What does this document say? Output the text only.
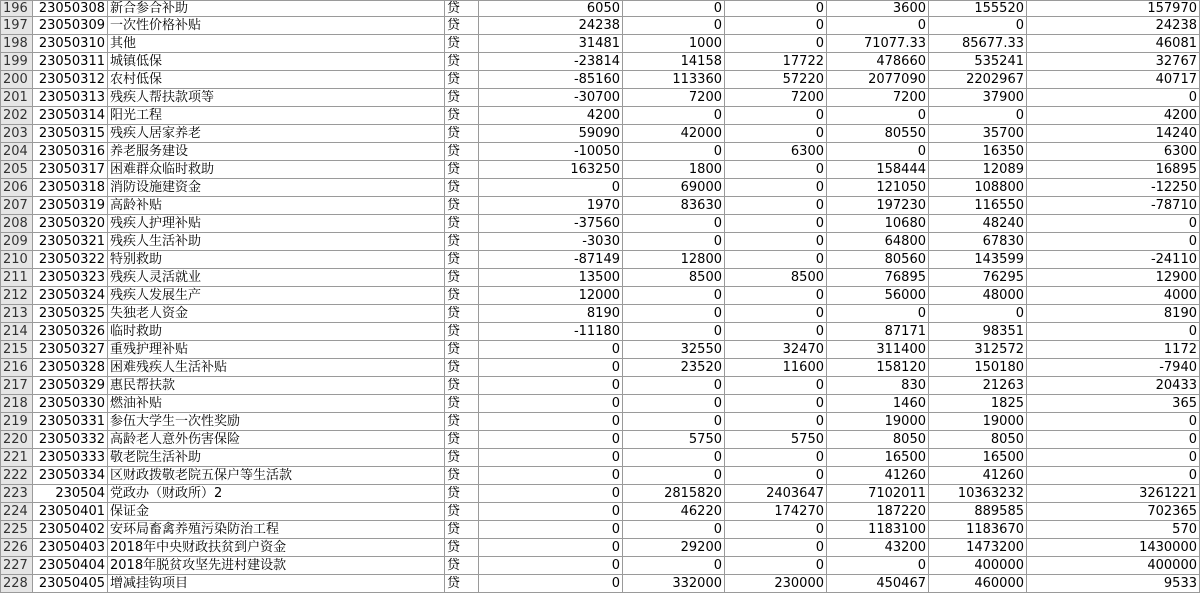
196	23050308	新合参合补助	贷	6050	0	0	3600	155520	157970
197	23050309	一次性价格补贴	贷	24238	0	0	0	0	24238
198	23050310	其他	贷	31481	1000	0	71077.33	85677.33	46081
199	23050311	城镇低保	贷	-23814	14158	17722	478660	535241	32767
200	23050312	农村低保	贷	-85160	113360	57220	2077090	2202967	40717
201	23050313	残疾人帮扶款项等	贷	-30700	7200	7200	7200	37900	0
202	23050314	阳光工程	贷	4200	0	0	0	0	4200
203	23050315	残疾人居家养老	贷	59090	42000	0	80550	35700	14240
204	23050316	养老服务建设	贷	-10050	0	6300	0	16350	6300
205	23050317	困难群众临时救助	贷	163250	1800	0	158444	12089	16895
206	23050318	消防设施建资金	贷	0	69000	0	121050	108800	-12250
207	23050319	高龄补贴	贷	1970	83630	0	197230	116550	-78710
208	23050320	残疾人护理补贴	贷	-37560	0	0	10680	48240	0
209	23050321	残疾人生活补助	贷	-3030	0	0	64800	67830	0
210	23050322	特别救助	贷	-87149	12800	0	80560	143599	-24110
211	23050323	残疾人灵活就业	贷	13500	8500	8500	76895	76295	12900
212	23050324	残疾人发展生产	贷	12000	0	0	56000	48000	4000
213	23050325	失独老人资金	贷	8190	0	0	0	0	8190
214	23050326	临时救助	贷	-11180	0	0	87171	98351	0
215	23050327	重残护理补贴	贷	0	32550	32470	311400	312572	1172
216	23050328	困难残疾人生活补贴	贷	0	23520	11600	158120	150180	-7940
217	23050329	惠民帮扶款	贷	0	0	0	830	21263	20433
218	23050330	燃油补贴	贷	0	0	0	1460	1825	365
219	23050331	参伍大学生一次性奖励	贷	0	0	0	19000	19000	0
220	23050332	高龄老人意外伤害保险	贷	0	5750	5750	8050	8050	0
221	23050333	敬老院生活补助	贷	0	0	0	16500	16500	0
222	23050334	区财政拨敬老院五保户等生活款	贷	0	0	0	41260	41260	0
223	230504	党政办（财政所）2	贷	0	2815820	2403647	7102011	10363232	3261221
224	23050401	保证金	贷	0	46220	174270	187220	889585	702365
225	23050402	安环局畜禽养殖污染防治工程	贷	0	0	0	1183100	1183670	570
226	23050403	2018年中央财政扶贫到户资金	贷	0	29200	0	43200	1473200	1430000
227	23050404	2018年脱贫攻坚先进村建设款	贷	0	0	0	0	400000	400000
228	23050405	增减挂钩项目	贷	0	332000	230000	450467	460000	9533
